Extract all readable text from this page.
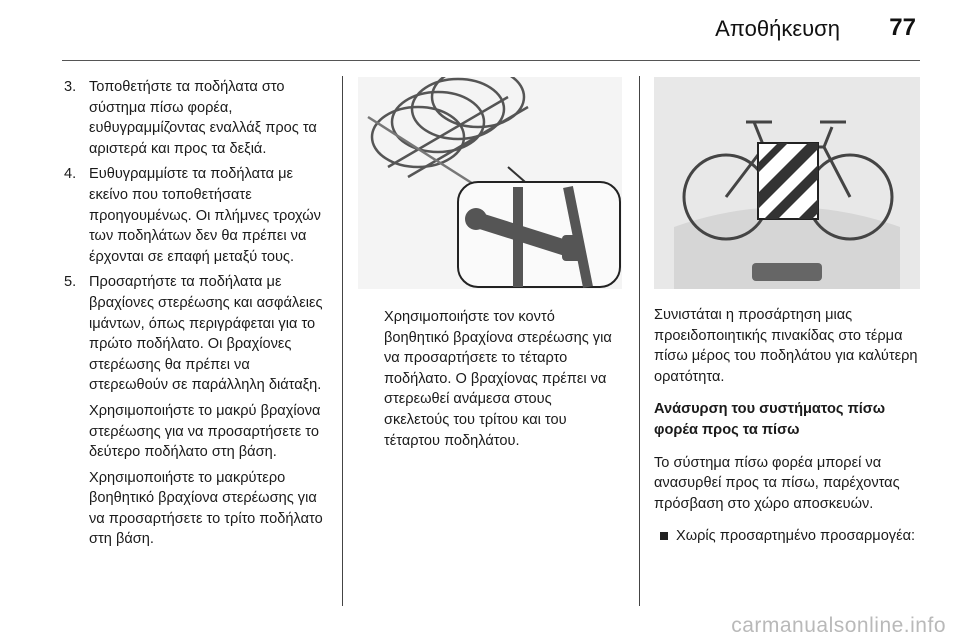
Αποθήκευση 77
3. Τοποθετήστε τα ποδήλατα στο σύστημα πίσω φορέα, ευθυγραμμίζοντας εναλλάξ προς τα αριστερά και προς τα δεξιά.

4. Ευθυγραμμίστε τα ποδήλατα με εκείνο που τοποθετήσατε προηγουμένως. Οι πλήμνες τροχών των ποδηλάτων δεν θα πρέπει να έρχονται σε επαφή μεταξύ τους.

5. Προσαρτήστε τα ποδήλατα με βραχίονες στερέωσης και ασφάλειες ιμάντων, όπως περιγράφεται για το πρώτο ποδήλατο. Οι βραχίονες στερέωσης θα πρέπει να στερεωθούν σε παράλληλη διάταξη.

Χρησιμοποιήστε το μακρύ βραχίονα στερέωσης για να προσαρτήσετε το δεύτερο ποδήλατο στη βάση.

Χρησιμοποιήστε το μακρύτερο βοηθητικό βραχίονα στερέωσης για να προσαρτήσετε το τρίτο ποδήλατο στη βάση.

Χρησιμοποιήστε τον κοντό βοηθητικό βραχίονα στερέωσης για να προσαρτήσετε το τέταρτο ποδήλατο. Ο βραχίονας πρέπει να στερεωθεί ανάμεσα στους σκελετούς του τρίτου και του τέταρτου ποδηλάτου.

Συνιστάται η προσάρτηση μιας προειδοποιητικής πινακίδας στο τέρμα πίσω μέρος του ποδηλάτου για καλύτερη ορατότητα.

Ανάσυρση του συστήματος πίσω φορέα προς τα πίσω

Το σύστημα πίσω φορέα μπορεί να ανασυρθεί προς τα πίσω, παρέχοντας πρόσβαση στο χώρο αποσκευών.

Χωρίς προσαρτημένο προσαρμογέα:
carmanualsonline.info
